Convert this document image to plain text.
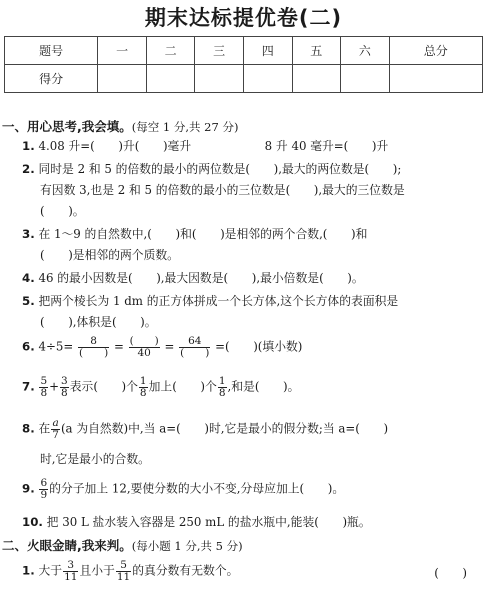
期末达标提优卷(二)
题号	一	二	三	四	五	六	总分
得分							
一、用心思考,我会填。(每空 1 分,共 27 分)
1. 4.08 升=(　　)升(　　)毫升	8 升 40 毫升=(　　)升
2. 同时是 2 和 5 的倍数的最小的两位数是(　　),最大的两位数是(　　);
有因数 3,也是 2 和 5 的倍数的最小的三位数是(　　),最大的三位数是
(　　)。
3. 在 1～9 的自然数中,(　　)和(　　)是相邻的两个合数,(　　)和
(　　)是相邻的两个质数。
4. 46 的最小因数是(　　),最大因数是(　　),最小倍数是(　　)。
5. 把两个棱长为 1 dm 的正方体拼成一个长方体,这个长方体的表面积是
(　　),体积是(　　)。
6. $4\div 5= \frac{8}{( )} = \frac{( )}{40} = \frac{64}{( )}$ =(　　)(填小数)
7. $\frac{5}{8} + \frac{3}{8}$ 表示(　　)个 $\frac{1}{8}$ 加上(　　)个 $\frac{1}{8}$ ,和是(　　)。
8. 在 $\frac{a}{7} (a$ 为自然数)中,当 a=(　　)时,它是最小的假分数;当 a=(　　)
时,它是最小的合数。
9. $\frac{6}{9}$ 的分子加上 12,要使分数的大小不变,分母应加上(　　)。
10. 把 30 L 盐水装入容器是 250 mL 的盐水瓶中,能装(　　)瓶。
二、火眼金睛,我来判。(每小题 1 分,共 5 分)
1. 大于 $\frac{3}{11}$ 且小于 $\frac{5}{11}$ 的真分数有无数个。	(　　)
